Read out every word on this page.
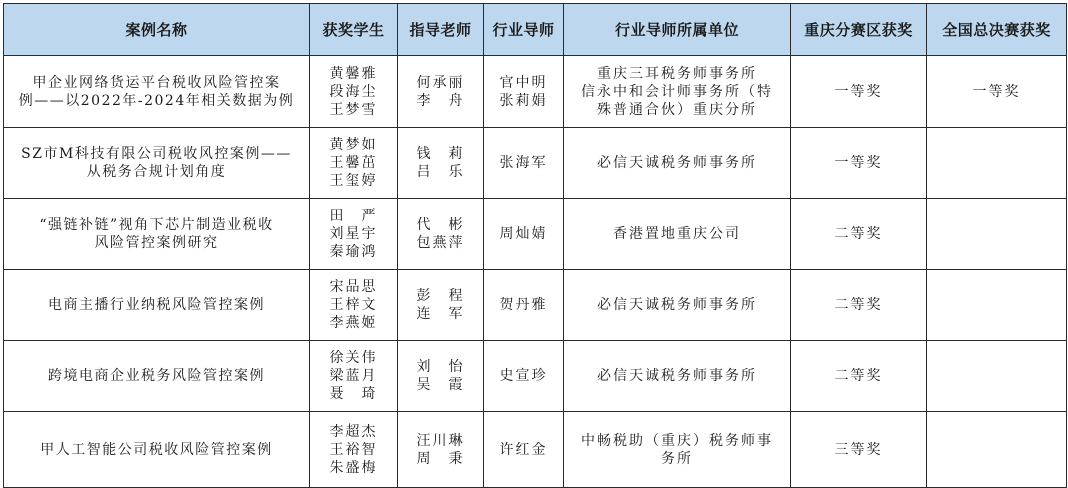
案例名称	获奖学生	指导老师	行业导师	行业导师所属单位	重庆分赛区获奖	全国总决赛获奖

甲企业网络货运平台税收风险管控案
例——以2022年-2024年相关数据为例	黄馨雅
段海尘
王梦雪	何承丽
李　舟	官中明
张莉娟	重庆三耳税务师事务所
信永中和会计师事务所（特
殊普通合伙）重庆分所	一等奖	一等奖

SZ市M科技有限公司税收风控案例——
从税务合规计划角度	黄梦如
王馨茁
王玺婷	钱　莉
吕　乐	张海军	必信天诚税务师事务所	一等奖	

“强链补链”视角下芯片制造业税收
风险管控案例研究	田　严
刘星宇
秦瑜鸿	代　彬
包燕萍	周灿婧	香港置地重庆公司	二等奖	

电商主播行业纳税风险管控案例	宋品思
王梓文
李燕姬	彭　程
连　军	贺丹雅	必信天诚税务师事务所	二等奖	

跨境电商企业税务风险管控案例	徐关伟
梁蓝月
聂　琦	刘　怡
吴　霞	史宣珍	必信天诚税务师事务所	二等奖	

甲人工智能公司税收风险管控案例	李超杰
王裕智
朱盛梅	汪川琳
周　秉	许红金	中畅税助（重庆）税务师事
务所	三等奖	
